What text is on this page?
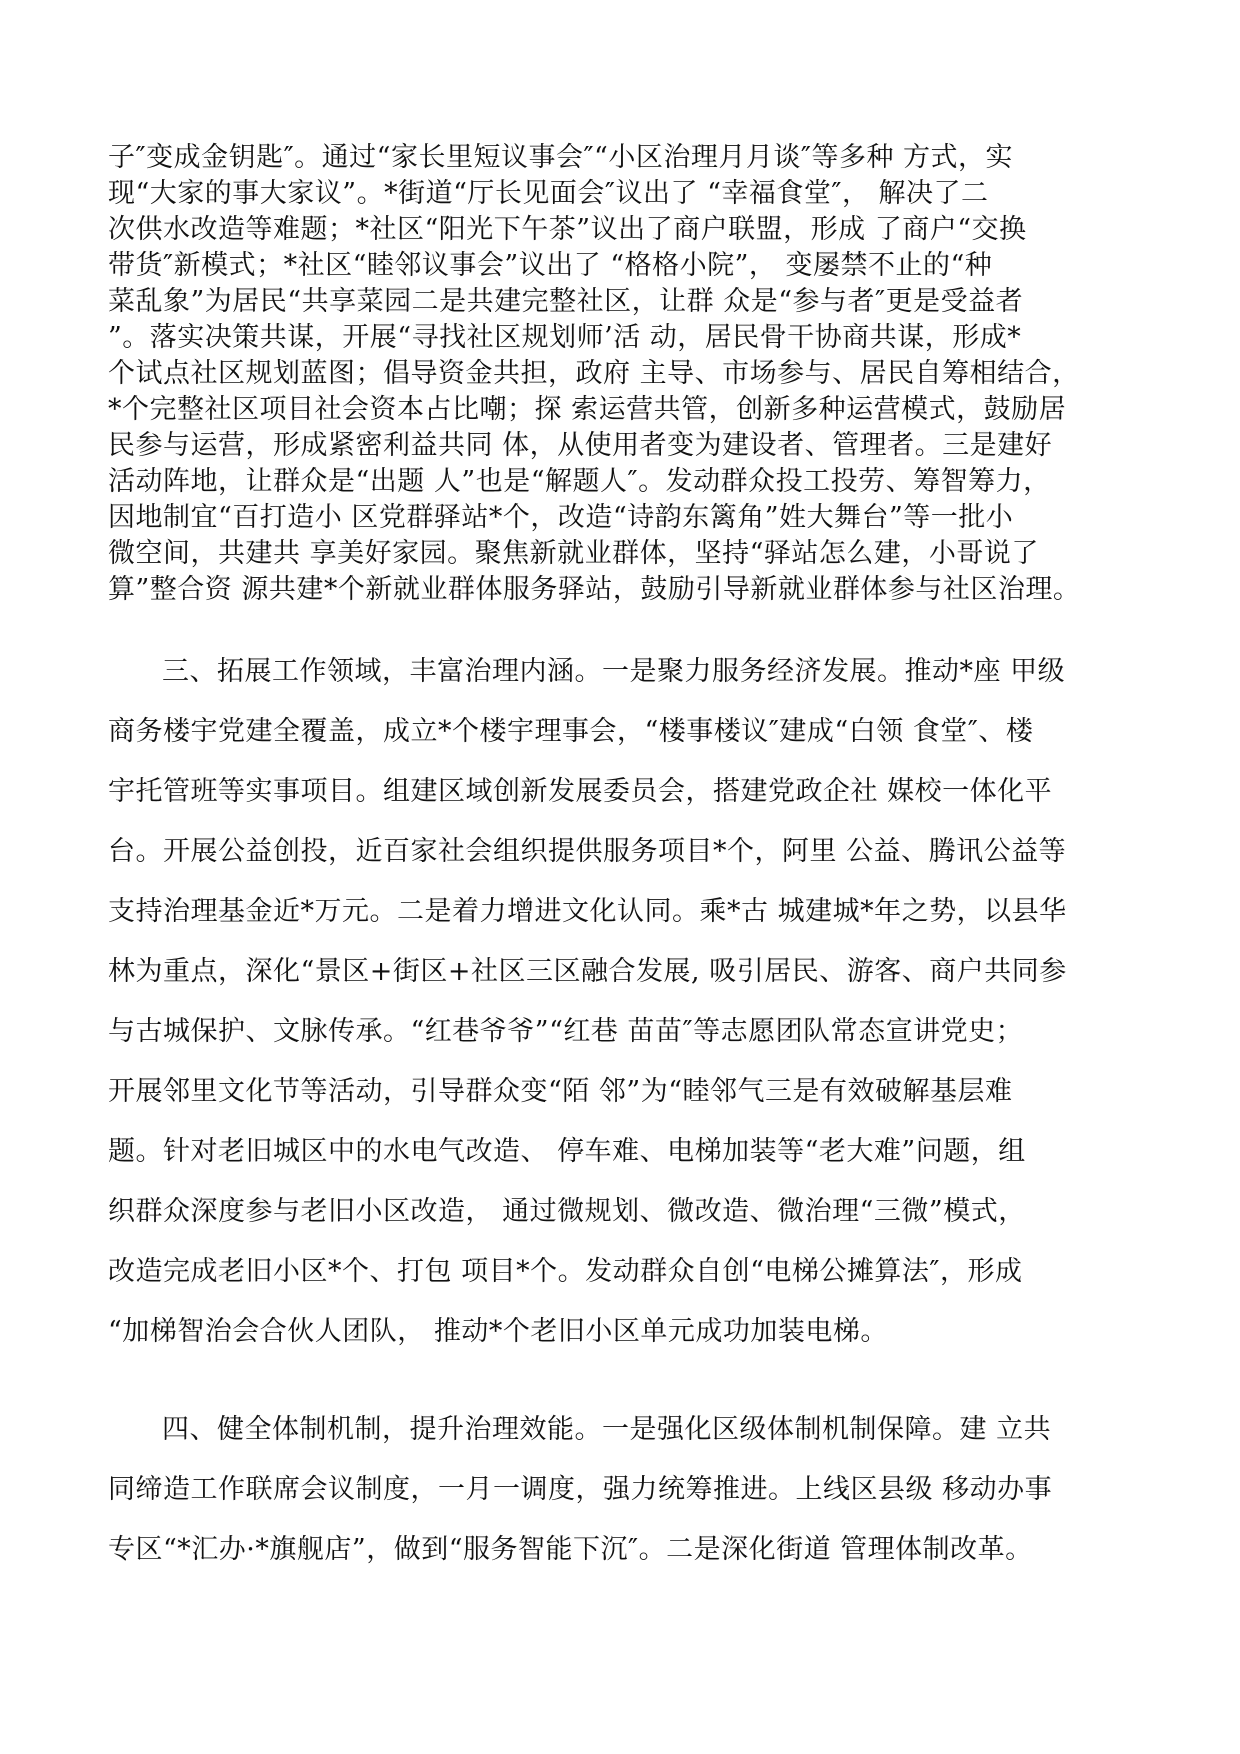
子″变成金钥匙″。通过“家长里短议事会″“小区治理月月谈″等多种 方式，实
现“大家的事大家议”。*街道“厅长见面会″议出了 “幸福食堂″， 解决了二
次供水改造等难题；*社区“阳光下午茶”议出了商户联盟，形成 了商户“交换
带货″新模式；*社区“睦邻议事会”议出了 “格格小院”， 变屡禁不止的“种
菜乱象”为居民“共享菜园二是共建完整社区，让群 众是“参与者″更是受益者
”。落实决策共谋，开展“寻找社区规划师’活 动，居民骨干协商共谋，形成*
个试点社区规划蓝图；倡导资金共担，政府 主导、市场参与、居民自筹相结合，
*个完整社区项目社会资本占比嘲；探 索运营共管，创新多种运营模式，鼓励居
民参与运营，形成紧密利益共同 体，从使用者变为建设者、管理者。三是建好
活动阵地，让群众是“出题 人”也是“解题人″。发动群众投工投劳、筹智筹力，
因地制宜“百打造小 区党群驿站*个，改造“诗韵东篱角”姓大舞台”等一批小
微空间，共建共 享美好家园。聚焦新就业群体，坚持“驿站怎么建，小哥说了
算”整合资 源共建*个新就业群体服务驿站，鼓励引导新就业群体参与社区治理。
三、拓展工作领域，丰富治理内涵。一是聚力服务经济发展。推动*座 甲级
商务楼宇党建全覆盖，成立*个楼宇理事会，“楼事楼议″建成“白领 食堂″、楼
宇托管班等实事项目。组建区域创新发展委员会，搭建党政企社 媒校一体化平
台。开展公益创投，近百家社会组织提供服务项目*个，阿里 公益、腾讯公益等
支持治理基金近*万元。二是着力增进文化认同。乘*古 城建城*年之势，以县华
林为重点，深化“景区+街区+社区三区融合发展, 吸引居民、游客、商户共同参
与古城保护、文脉传承。“红巷爷爷”“红巷 苗苗″等志愿团队常态宣讲党史；
开展邻里文化节等活动，引导群众变“陌 邻”为“睦邻气三是有效破解基层难
题。针对老旧城区中的水电气改造、 停车难、电梯加装等“老大难”问题，组
织群众深度参与老旧小区改造， 通过微规划、微改造、微治理“三微”模式，
改造完成老旧小区*个、打包 项目*个。发动群众自创“电梯公摊算法″，形成
“加梯智治会合伙人团队， 推动*个老旧小区单元成功加装电梯。
四、健全体制机制，提升治理效能。一是强化区级体制机制保障。建 立共
同缔造工作联席会议制度，一月一调度，强力统筹推进。上线区县级 移动办事
专区“*汇办·*旗舰店”，做到“服务智能下沉″。二是深化街道 管理体制改革。
